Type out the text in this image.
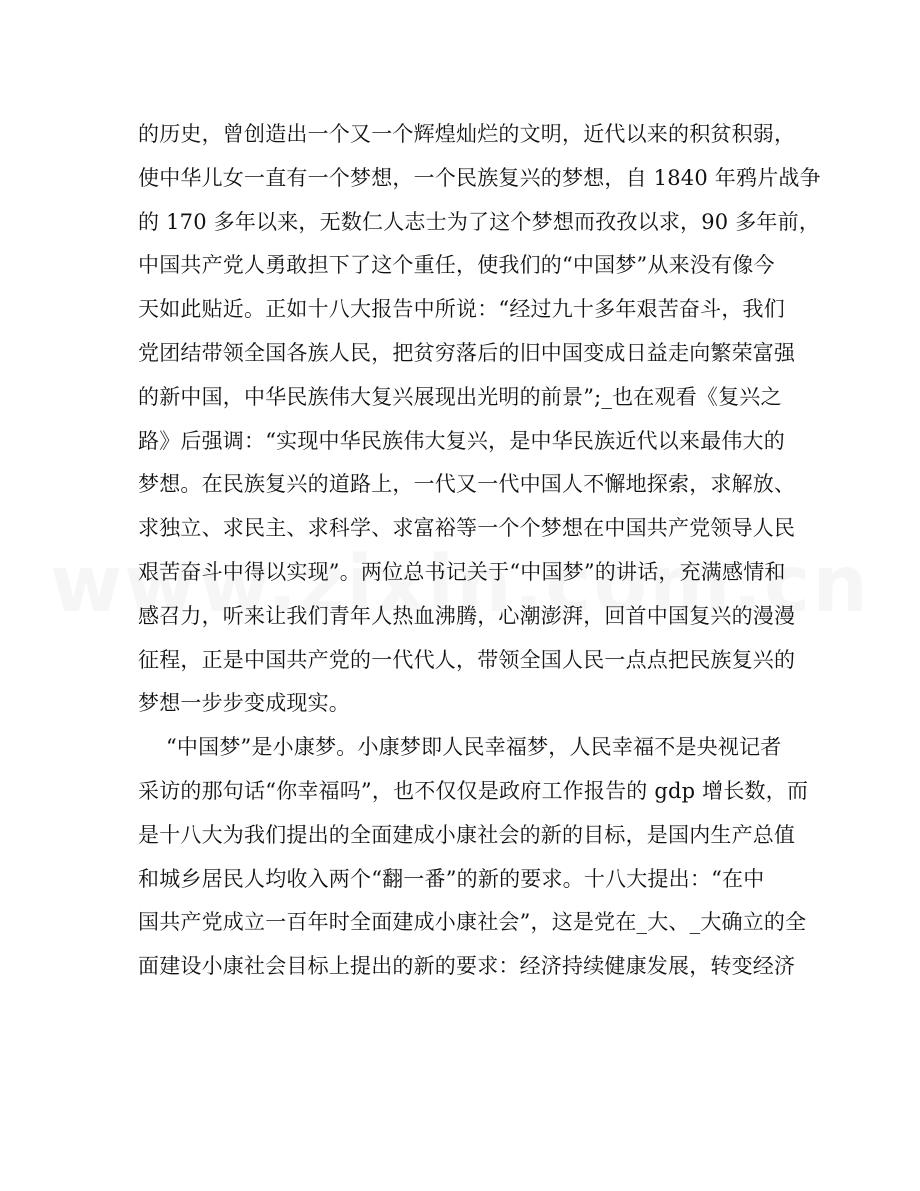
的历史，曾创造出一个又一个辉煌灿烂的文明，近代以来的积贫积弱，
使中华儿女一直有一个梦想，一个民族复兴的梦想，自 1840 年鸦片战争
的 170 多年以来，无数仁人志士为了这个梦想而孜孜以求，90 多年前，
中国共产党人勇敢担下了这个重任，使我们的“中国梦”从来没有像今
天如此贴近。正如十八大报告中所说：“经过九十多年艰苦奋斗，我们
党团结带领全国各族人民，把贫穷落后的旧中国变成日益走向繁荣富强
的新中国，中华民族伟大复兴展现出光明的前景”;_也在观看《复兴之
路》后强调：“实现中华民族伟大复兴，是中华民族近代以来最伟大的
梦想。在民族复兴的道路上，一代又一代中国人不懈地探索，求解放、
求独立、求民主、求科学、求富裕等一个个梦想在中国共产党领导人民
艰苦奋斗中得以实现”。两位总书记关于“中国梦”的讲话，充满感情和
感召力，听来让我们青年人热血沸腾，心潮澎湃，回首中国复兴的漫漫
征程，正是中国共产党的一代代人，带领全国人民一点点把民族复兴的
梦想一步步变成现实。
“中国梦”是小康梦。小康梦即人民幸福梦，人民幸福不是央视记者
采访的那句话“你幸福吗”，也不仅仅是政府工作报告的 gdp 增长数，而
是十八大为我们提出的全面建成小康社会的新的目标，是国内生产总值
和城乡居民人均收入两个“翻一番”的新的要求。十八大提出：“在中
国共产党成立一百年时全面建成小康社会”，这是党在_大、_大确立的全
面建设小康社会目标上提出的新的要求：经济持续健康发展，转变经济
